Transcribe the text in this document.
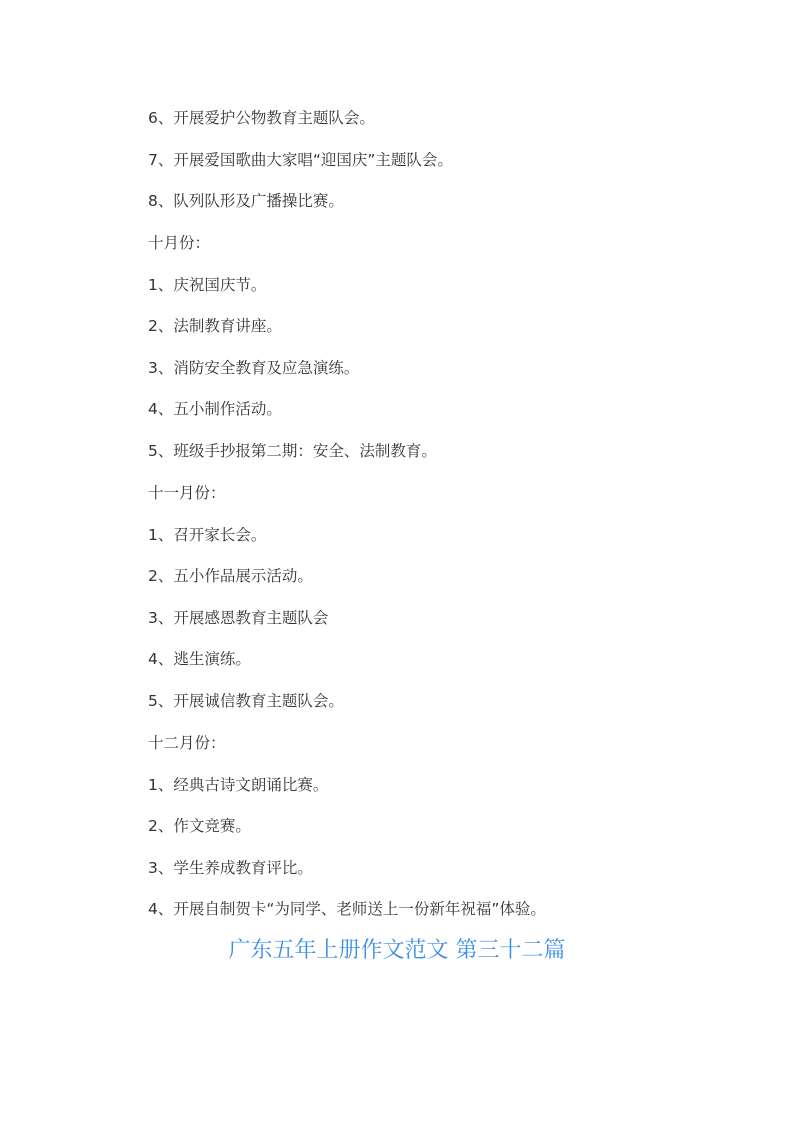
6、开展爱护公物教育主题队会。
7、开展爱国歌曲大家唱“迎国庆”主题队会。
8、队列队形及广播操比赛。
十月份：
1、庆祝国庆节。
2、法制教育讲座。
3、消防安全教育及应急演练。
4、五小制作活动。
5、班级手抄报第二期：安全、法制教育。
十一月份：
1、召开家长会。
2、五小作品展示活动。
3、开展感恩教育主题队会
4、逃生演练。
5、开展诚信教育主题队会。
十二月份：
1、经典古诗文朗诵比赛。
2、作文竞赛。
3、学生养成教育评比。
4、开展自制贺卡“为同学、老师送上一份新年祝福”体验。
广东五年上册作文范文 第三十二篇
